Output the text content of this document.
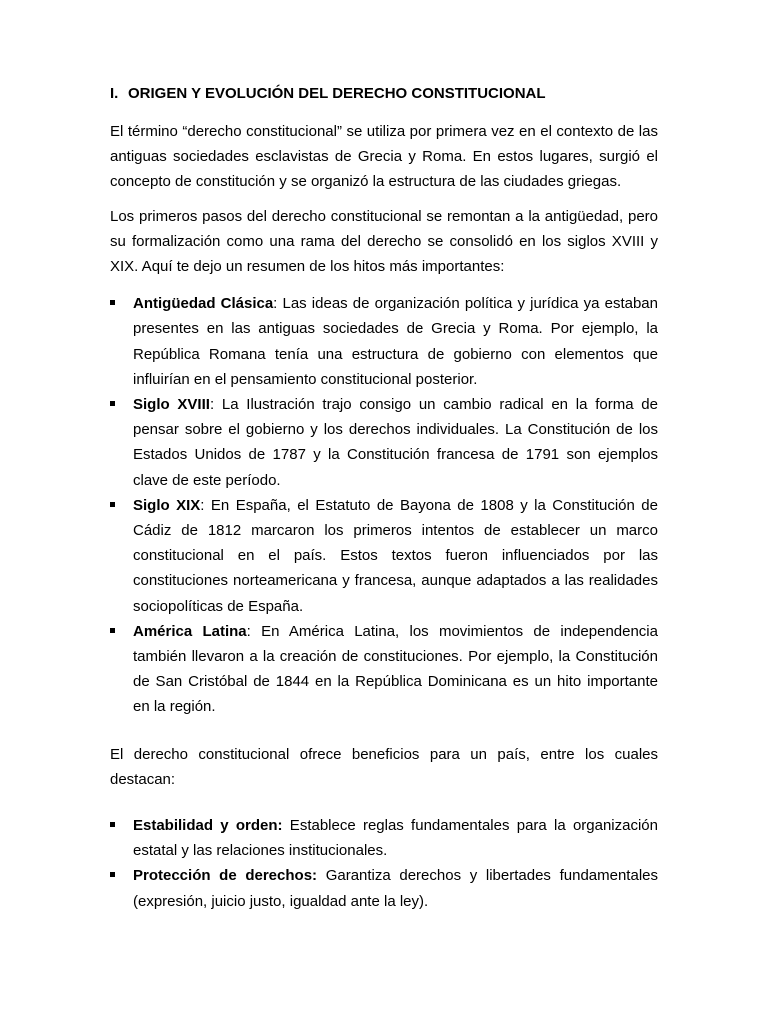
I. ORIGEN Y EVOLUCIÓN DEL DERECHO CONSTITUCIONAL

El término “derecho constitucional” se utiliza por primera vez en el contexto de las antiguas sociedades esclavistas de Grecia y Roma. En estos lugares, surgió el concepto de constitución y se organizó la estructura de las ciudades griegas.

Los primeros pasos del derecho constitucional se remontan a la antigüedad, pero su formalización como una rama del derecho se consolidó en los siglos XVIII y XIX. Aquí te dejo un resumen de los hitos más importantes:

Antigüedad Clásica: Las ideas de organización política y jurídica ya estaban presentes en las antiguas sociedades de Grecia y Roma. Por ejemplo, la República Romana tenía una estructura de gobierno con elementos que influirían en el pensamiento constitucional posterior.
Siglo XVIII: La Ilustración trajo consigo un cambio radical en la forma de pensar sobre el gobierno y los derechos individuales. La Constitución de los Estados Unidos de 1787 y la Constitución francesa de 1791 son ejemplos clave de este período.
Siglo XIX: En España, el Estatuto de Bayona de 1808 y la Constitución de Cádiz de 1812 marcaron los primeros intentos de establecer un marco constitucional en el país. Estos textos fueron influenciados por las constituciones norteamericana y francesa, aunque adaptados a las realidades sociopolíticas de España.
América Latina: En América Latina, los movimientos de independencia también llevaron a la creación de constituciones. Por ejemplo, la Constitución de San Cristóbal de 1844 en la República Dominicana es un hito importante en la región.

El derecho constitucional ofrece beneficios para un país, entre los cuales destacan:

Estabilidad y orden: Establece reglas fundamentales para la organización estatal y las relaciones institucionales.
Protección de derechos: Garantiza derechos y libertades fundamentales (expresión, juicio justo, igualdad ante la ley).
